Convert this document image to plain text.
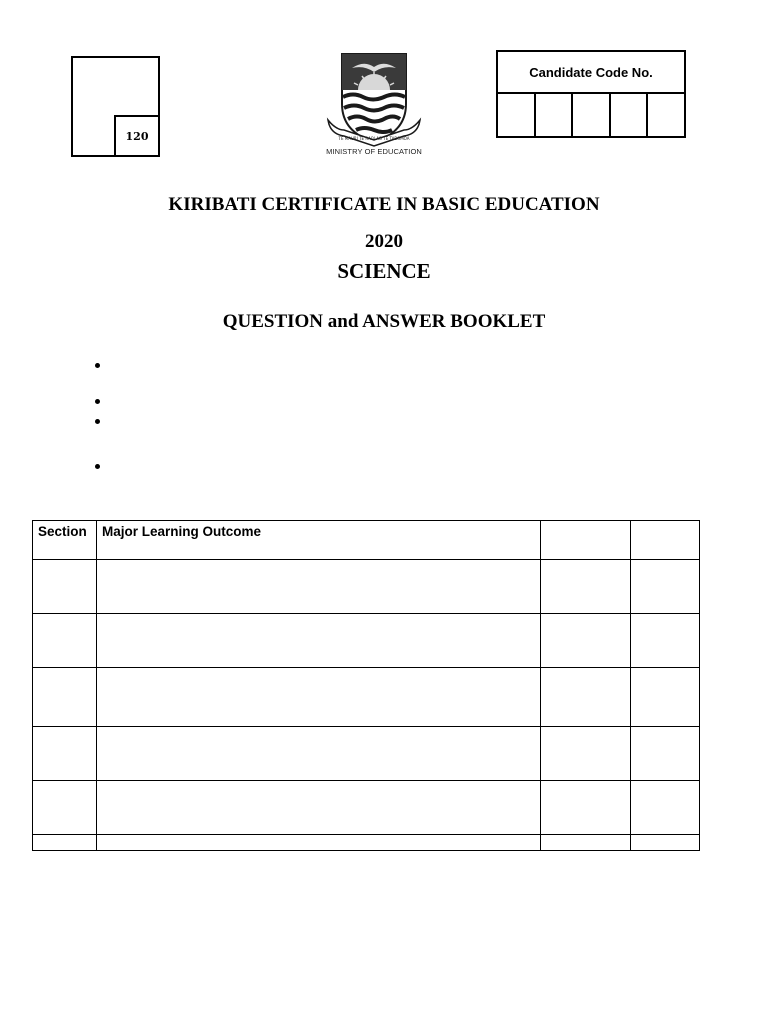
120	TE MAURI TE RAOI AO TE TABOMOA
MINISTRY OF EDUCATION
Candidate Code No.
KIRIBATI CERTIFICATE IN BASIC EDUCATION
2020
SCIENCE
QUESTION and ANSWER BOOKLET
Section	Major Learning Outcome		
